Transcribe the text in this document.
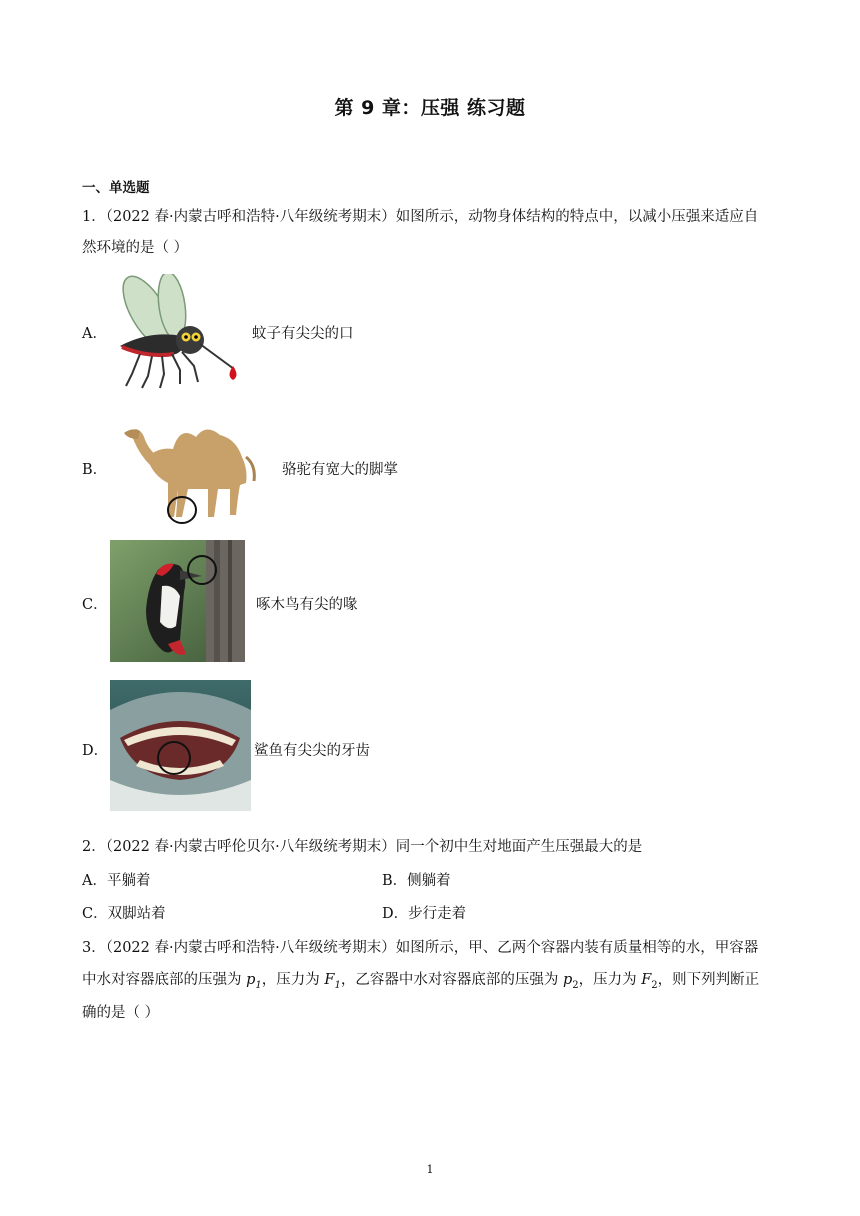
第 9 章：压强 练习题
一、单选题
1．（2022 春·内蒙古呼和浩特·八年级统考期末）如图所示，动物身体结构的特点中，以减小压强来适应自
然环境的是（ ）
A．	蚊子有尖尖的口
B．	骆驼有宽大的脚掌
C．	啄木鸟有尖的喙
D．	鲨鱼有尖尖的牙齿
2．（2022 春·内蒙古呼伦贝尔·八年级统考期末）同一个初中生对地面产生压强最大的是
A．平躺着	B．侧躺着
C．双脚站着	D．步行走着
3．（2022 春·内蒙古呼和浩特·八年级统考期末）如图所示，甲、乙两个容器内装有质量相等的水，甲容器
中水对容器底部的压强为 $p_1$，压力为 $F_1$，乙容器中水对容器底部的压强为 $p_2$，压力为 $F_2$，则下列判断正
确的是（ ）
1
